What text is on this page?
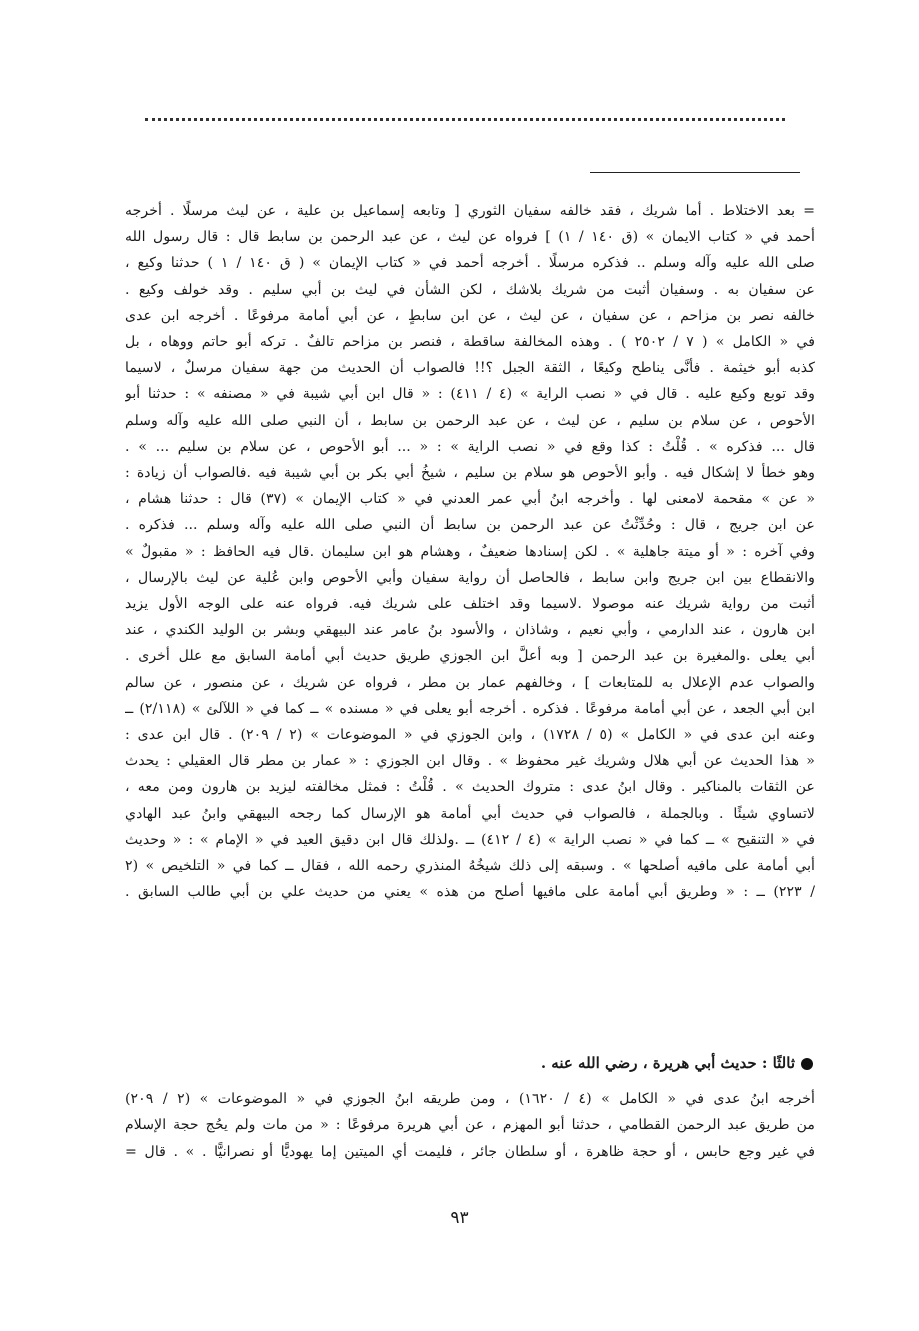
= بعد الاختلاط . أما شريك ، فقد خالفه سفيان الثوري [ وتابعه إسماعيل بن علية ، عن ليث مرسلًا . أخرجه
أحمد في « كتاب الايمان » (ق ١٤٠ / ١) ] فرواه عن ليث ، عن عبد الرحمن بن سابط قال : قال رسول الله
صلى الله عليه وآله وسلم .. فذكره مرسلًا . أخرجه أحمد في « كتاب الإيمان » ( ق ١٤٠ / ١ ) حدثنا وكيع ،
عن سفيان به . وسفيان أثبت من شريك بلاشك ، لكن الشأن في ليث بن أبي سليم . وقد خولف وكيع .
خالفه نصر بن مزاحم ، عن سفيان ، عن ليث ، عن ابن سابطٍ ، عن أبي أمامة مرفوعًا . أخرجه ابن عدى
في « الكامل » ( ٧ / ٢٥٠٢ ) . وهذه المخالفة ساقطة ، فنصر بن مزاحم تالفٌ . تركه أبو حاتم ووهاه ، بل
كذبه أبو خيثمة . فأنَّى يناطح وكيعًا ، الثقة الجبل ؟!! فالصواب أن الحديث من جهة سفيان مرسلٌ ، لاسيما
وقد توبع وكيع عليه . قال في « نصب الراية » (٤ / ٤١١) : « قال ابن أبي شيبة في « مصنفه » : حدثنا أبو
الأحوص ، عن سلام بن سليم ، عن ليث ، عن عبد الرحمن بن سابط ، أن النبي صلى الله عليه وآله وسلم
قال ... فذكره » . قُلْتُ : كذا وقع في « نصب الراية » : « ... أبو الأحوص ، عن سلام بن سليم ... » .
وهو خطأ لا إشكال فيه . وأبو الأحوص هو سلام بن سليم ، شيخُ أبي بكر بن أبي شيبة فيه .فالصواب أن زيادة :
« عن » مقحمة لامعنى لها . وأخرجه ابنُ أبي عمر العدني في « كتاب الإيمان » (٣٧) قال : حدثنا هشام ،
عن ابن جريج ، قال : وحُدِّثْتُ عن عبد الرحمن بن سابط أن النبي صلى الله عليه وآله وسلم ... فذكره .
وفي آخره : « أو ميتة جاهلية » . لكن إسنادها ضعيفٌ ، وهشام هو ابن سليمان .قال فيه الحافظ : « مقبولٌ »
والانقطاع بين ابن جريج وابن سابط ، فالحاصل أن رواية سفيان وأبي الأحوص وابن عُلية عن ليث بالإرسال ،
أثبت من رواية شريك عنه موصولا .لاسيما وقد اختلف على شريك فيه. فرواه عنه على الوجه الأول يزيد
ابن هارون ، عند الدارمي ، وأبي نعيم ، وشاذان ، والأسود بنُ عامر عند البيهقي وبشر بن الوليد الكندي ، عند
أبي يعلى .والمغيرة بن عبد الرحمن [ وبه أعلَّ ابن الجوزي طريق حديث أبي أمامة السابق مع علل أخرى .
والصواب عدم الإعلال به للمتابعات ] ، وخالفهم عمار بن مطر ، فرواه عن شريك ، عن منصور ، عن سالم
ابن أبي الجعد ، عن أبي أمامة مرفوعًا . فذكره . أخرجه أبو يعلى في « مسنده » ــ كما في « اللآلئ » (٢/١١٨) ــ
وعنه ابن عدى في « الكامل » (٥ / ١٧٢٨) ، وابن الجوزي في « الموضوعات » (٢ / ٢٠٩) . قال ابن عدى :
« هذا الحديث عن أبي هلال وشريك غير محفوظ » . وقال ابن الجوزي : « عمار بن مطر قال العقيلي : يحدث
عن الثقات بالمناكير . وقال ابنُ عدى : متروك الحديث » . قُلْتُ : فمثل مخالفته ليزيد بن هارون ومن معه ،
لاتساوي شيئًا . وبالجملة ، فالصواب في حديث أبي أمامة هو الإرسال كما رجحه البيهقي وابنُ عبد الهادي
في « التنقيح » ــ كما في « نصب الراية » (٤ / ٤١٢) ــ .ولذلك قال ابن دقيق العيد في « الإمام » : « وحديث
أبي أمامة على مافيه أصلحها » . وسبقه إلى ذلك شيخُهُ المنذري رحمه الله ، فقال ــ كما في « التلخيص » (٢
/ ٢٢٣) ــ : « وطريق أبي أمامة على مافيها أصلح من هذه » يعني من حديث علي بن أبي طالب السابق .
ثالثًا : حديث أبي هريرة ، رضي الله عنه .
أخرجه ابنُ عدى في « الكامل » (٤ / ١٦٢٠) ، ومن طريقه ابنُ الجوزي في « الموضوعات » (٢ / ٢٠٩)
من طريق عبد الرحمن القطامي ، حدثنا أبو المهزم ، عن أبي هريرة مرفوعًا : « من مات ولم يحُج حجة الإسلام
في غير وجع حابس ، أو حجة ظاهرة ، أو سلطان جائر ، فليمت أي الميتين إما يهوديًّا أو نصرانيًّا . » . قال =
٩٣
